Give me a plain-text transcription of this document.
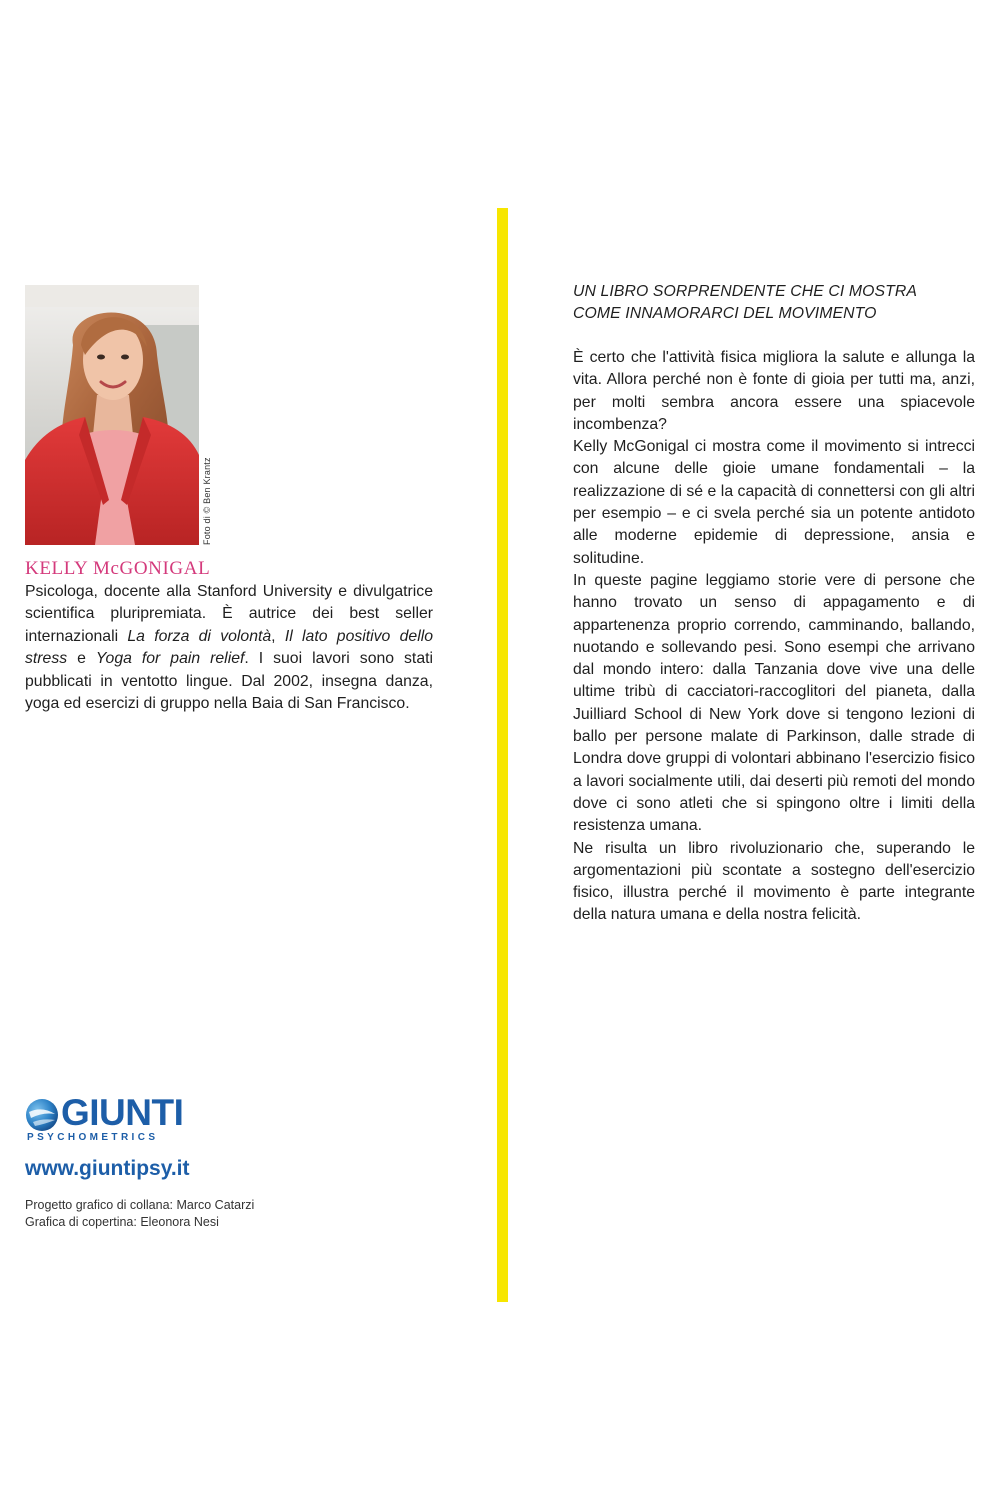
Foto di © Ben Krantz
KELLY McGONIGAL
Psicologa, docente alla Stanford University e divulgatrice scientifica pluripremiata. È autrice dei best seller internazionali La forza di volontà, Il lato positivo dello stress e Yoga for pain relief. I suoi lavori sono stati pubblicati in ventotto lingue. Dal 2002, insegna danza, yoga ed esercizi di gruppo nella Baia di San Francisco.
GIUNTI
PSYCHOMETRICS
www.giuntipsy.it
Progetto grafico di collana: Marco Catarzi
Grafica di copertina: Eleonora Nesi
UN LIBRO SORPRENDENTE CHE CI MOSTRA
COME INNAMORARCI DEL MOVIMENTO

È certo che l'attività fisica migliora la salute e allunga la vita. Allora perché non è fonte di gioia per tutti ma, anzi, per molti sembra ancora essere una spiacevole incombenza?

Kelly McGonigal ci mostra come il movimento si intrecci con alcune delle gioie umane fondamentali – la realizzazione di sé e la capacità di connettersi con gli altri per esempio – e ci svela perché sia un potente antidoto alle moderne epidemie di depressione, ansia e solitudine.

In queste pagine leggiamo storie vere di persone che hanno trovato un senso di appagamento e di appartenenza proprio correndo, camminando, ballando, nuotando e sollevando pesi. Sono esempi che arrivano dal mondo intero: dalla Tanzania dove vive una delle ultime tribù di cacciatori-raccoglitori del pianeta, dalla Juilliard School di New York dove si tengono lezioni di ballo per persone malate di Parkinson, dalle strade di Londra dove gruppi di volontari abbinano l'esercizio fisico a lavori socialmente utili, dai deserti più remoti del mondo dove ci sono atleti che si spingono oltre i limiti della resistenza umana.

Ne risulta un libro rivoluzionario che, superando le argomentazioni più scontate a sostegno dell'esercizio fisico, illustra perché il movimento è parte integrante della natura umana e della nostra felicità.
